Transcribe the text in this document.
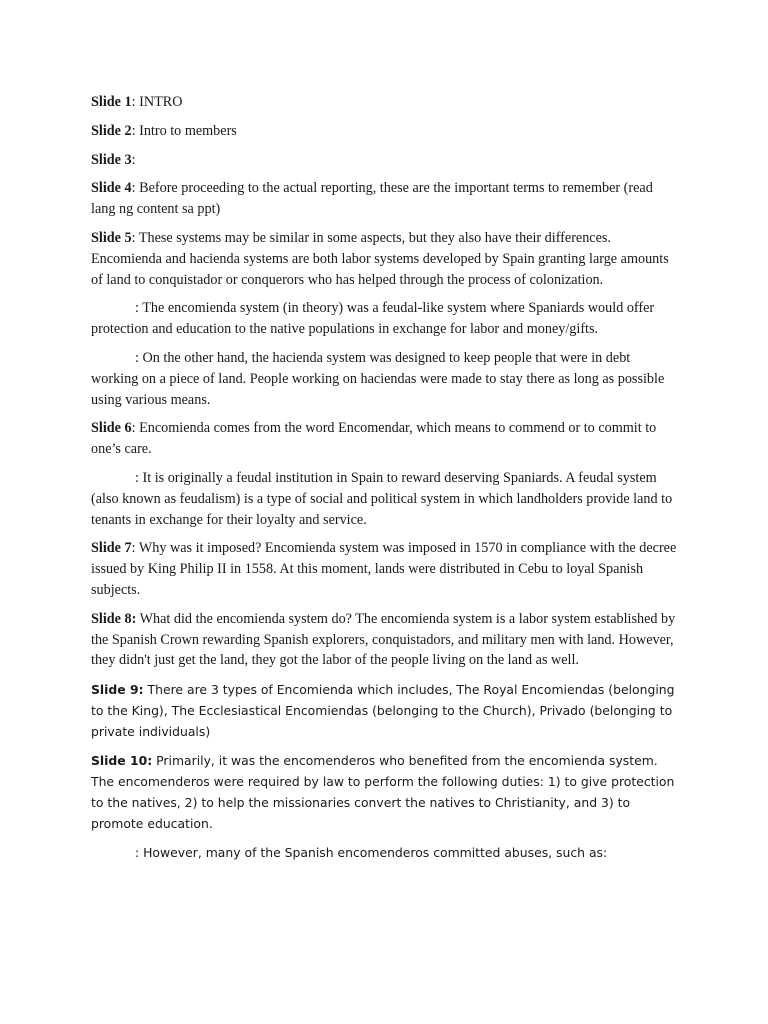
Slide 1: INTRO

Slide 2: Intro to members

Slide 3:

Slide 4: Before proceeding to the actual reporting, these are the important terms to remember (read lang ng content sa ppt)

Slide 5: These systems may be similar in some aspects, but they also have their differences. Encomienda and hacienda systems are both labor systems developed by Spain granting large amounts of land to conquistador or conquerors who has helped through the process of colonization.

: The encomienda system (in theory) was a feudal-like system where Spaniards would offer protection and education to the native populations in exchange for labor and money/gifts.

: On the other hand, the hacienda system was designed to keep people that were in debt working on a piece of land. People working on haciendas were made to stay there as long as possible using various means.

Slide 6: Encomienda comes from the word Encomendar, which means to commend or to commit to one’s care.

: It is originally a feudal institution in Spain to reward deserving Spaniards. A feudal system (also known as feudalism) is a type of social and political system in which landholders provide land to tenants in exchange for their loyalty and service.

Slide 7: Why was it imposed? Encomienda system was imposed in 1570 in compliance with the decree issued by King Philip II in 1558. At this moment, lands were distributed in Cebu to loyal Spanish subjects.

Slide 8: What did the encomienda system do? The encomienda system is a labor system established by the Spanish Crown rewarding Spanish explorers, conquistadors, and military men with land. However, they didn't just get the land, they got the labor of the people living on the land as well.

Slide 9: There are 3 types of Encomienda which includes, The Royal Encomiendas (belonging to the King), The Ecclesiastical Encomiendas (belonging to the Church), Privado (belonging to private individuals)

Slide 10: Primarily, it was the encomenderos who benefited from the encomienda system. The encomenderos were required by law to perform the following duties: 1) to give protection to the natives, 2) to help the missionaries convert the natives to Christianity, and 3) to promote education.

: However, many of the Spanish encomenderos committed abuses, such as:
